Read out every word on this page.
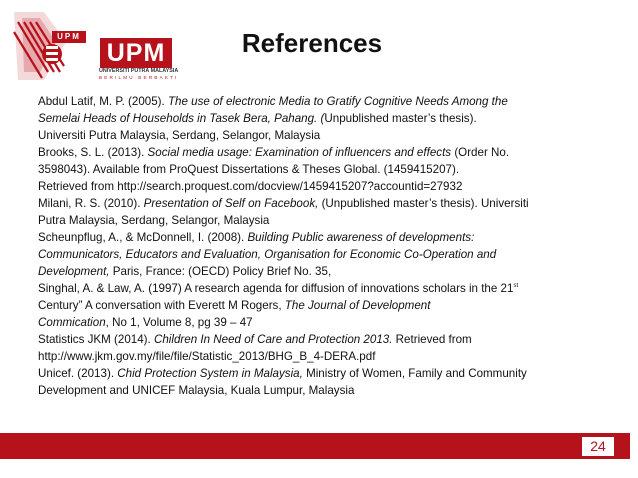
UPM
UPM
UNIVERSITI PUTRA MALAYSIA
BERILMU BERBAKTI
References
Abdul Latif, M. P. (2005). The use of electronic Media to Gratify Cognitive Needs Among the
Semelai Heads of Households in Tasek Bera, Pahang. (Unpublished master’s thesis).
Universiti Putra Malaysia, Serdang, Selangor, Malaysia
Brooks, S. L. (2013). Social media usage: Examination of influencers and effects (Order No.
3598043). Available from ProQuest Dissertations & Theses Global. (1459415207).
Retrieved from http://search.proquest.com/docview/1459415207?accountid=27932
Milani, R. S. (2010). Presentation of Self on Facebook, (Unpublished master’s thesis). Universiti
Putra Malaysia, Serdang, Selangor, Malaysia
Scheunpflug, A., & McDonnell, I. (2008). Building Public awareness of developments:
Communicators, Educators and Evaluation, Organisation for Economic Co-Operation and
Development, Paris, France: (OECD) Policy Brief No. 35,
Singhal, A. & Law, A. (1997) A research agenda for diffusion of innovations scholars in the 21st
Century” A conversation with Everett M Rogers, The Journal of Development
Commication, No 1, Volume 8, pg 39 – 47
Statistics JKM (2014). Children In Need of Care and Protection 2013. Retrieved from
http://www.jkm.gov.my/file/file/Statistic_2013/BHG_B_4-DERA.pdf
Unicef. (2013). Chid Protection System in Malaysia, Ministry of Women, Family and Community
Development and UNICEF Malaysia, Kuala Lumpur, Malaysia
24
